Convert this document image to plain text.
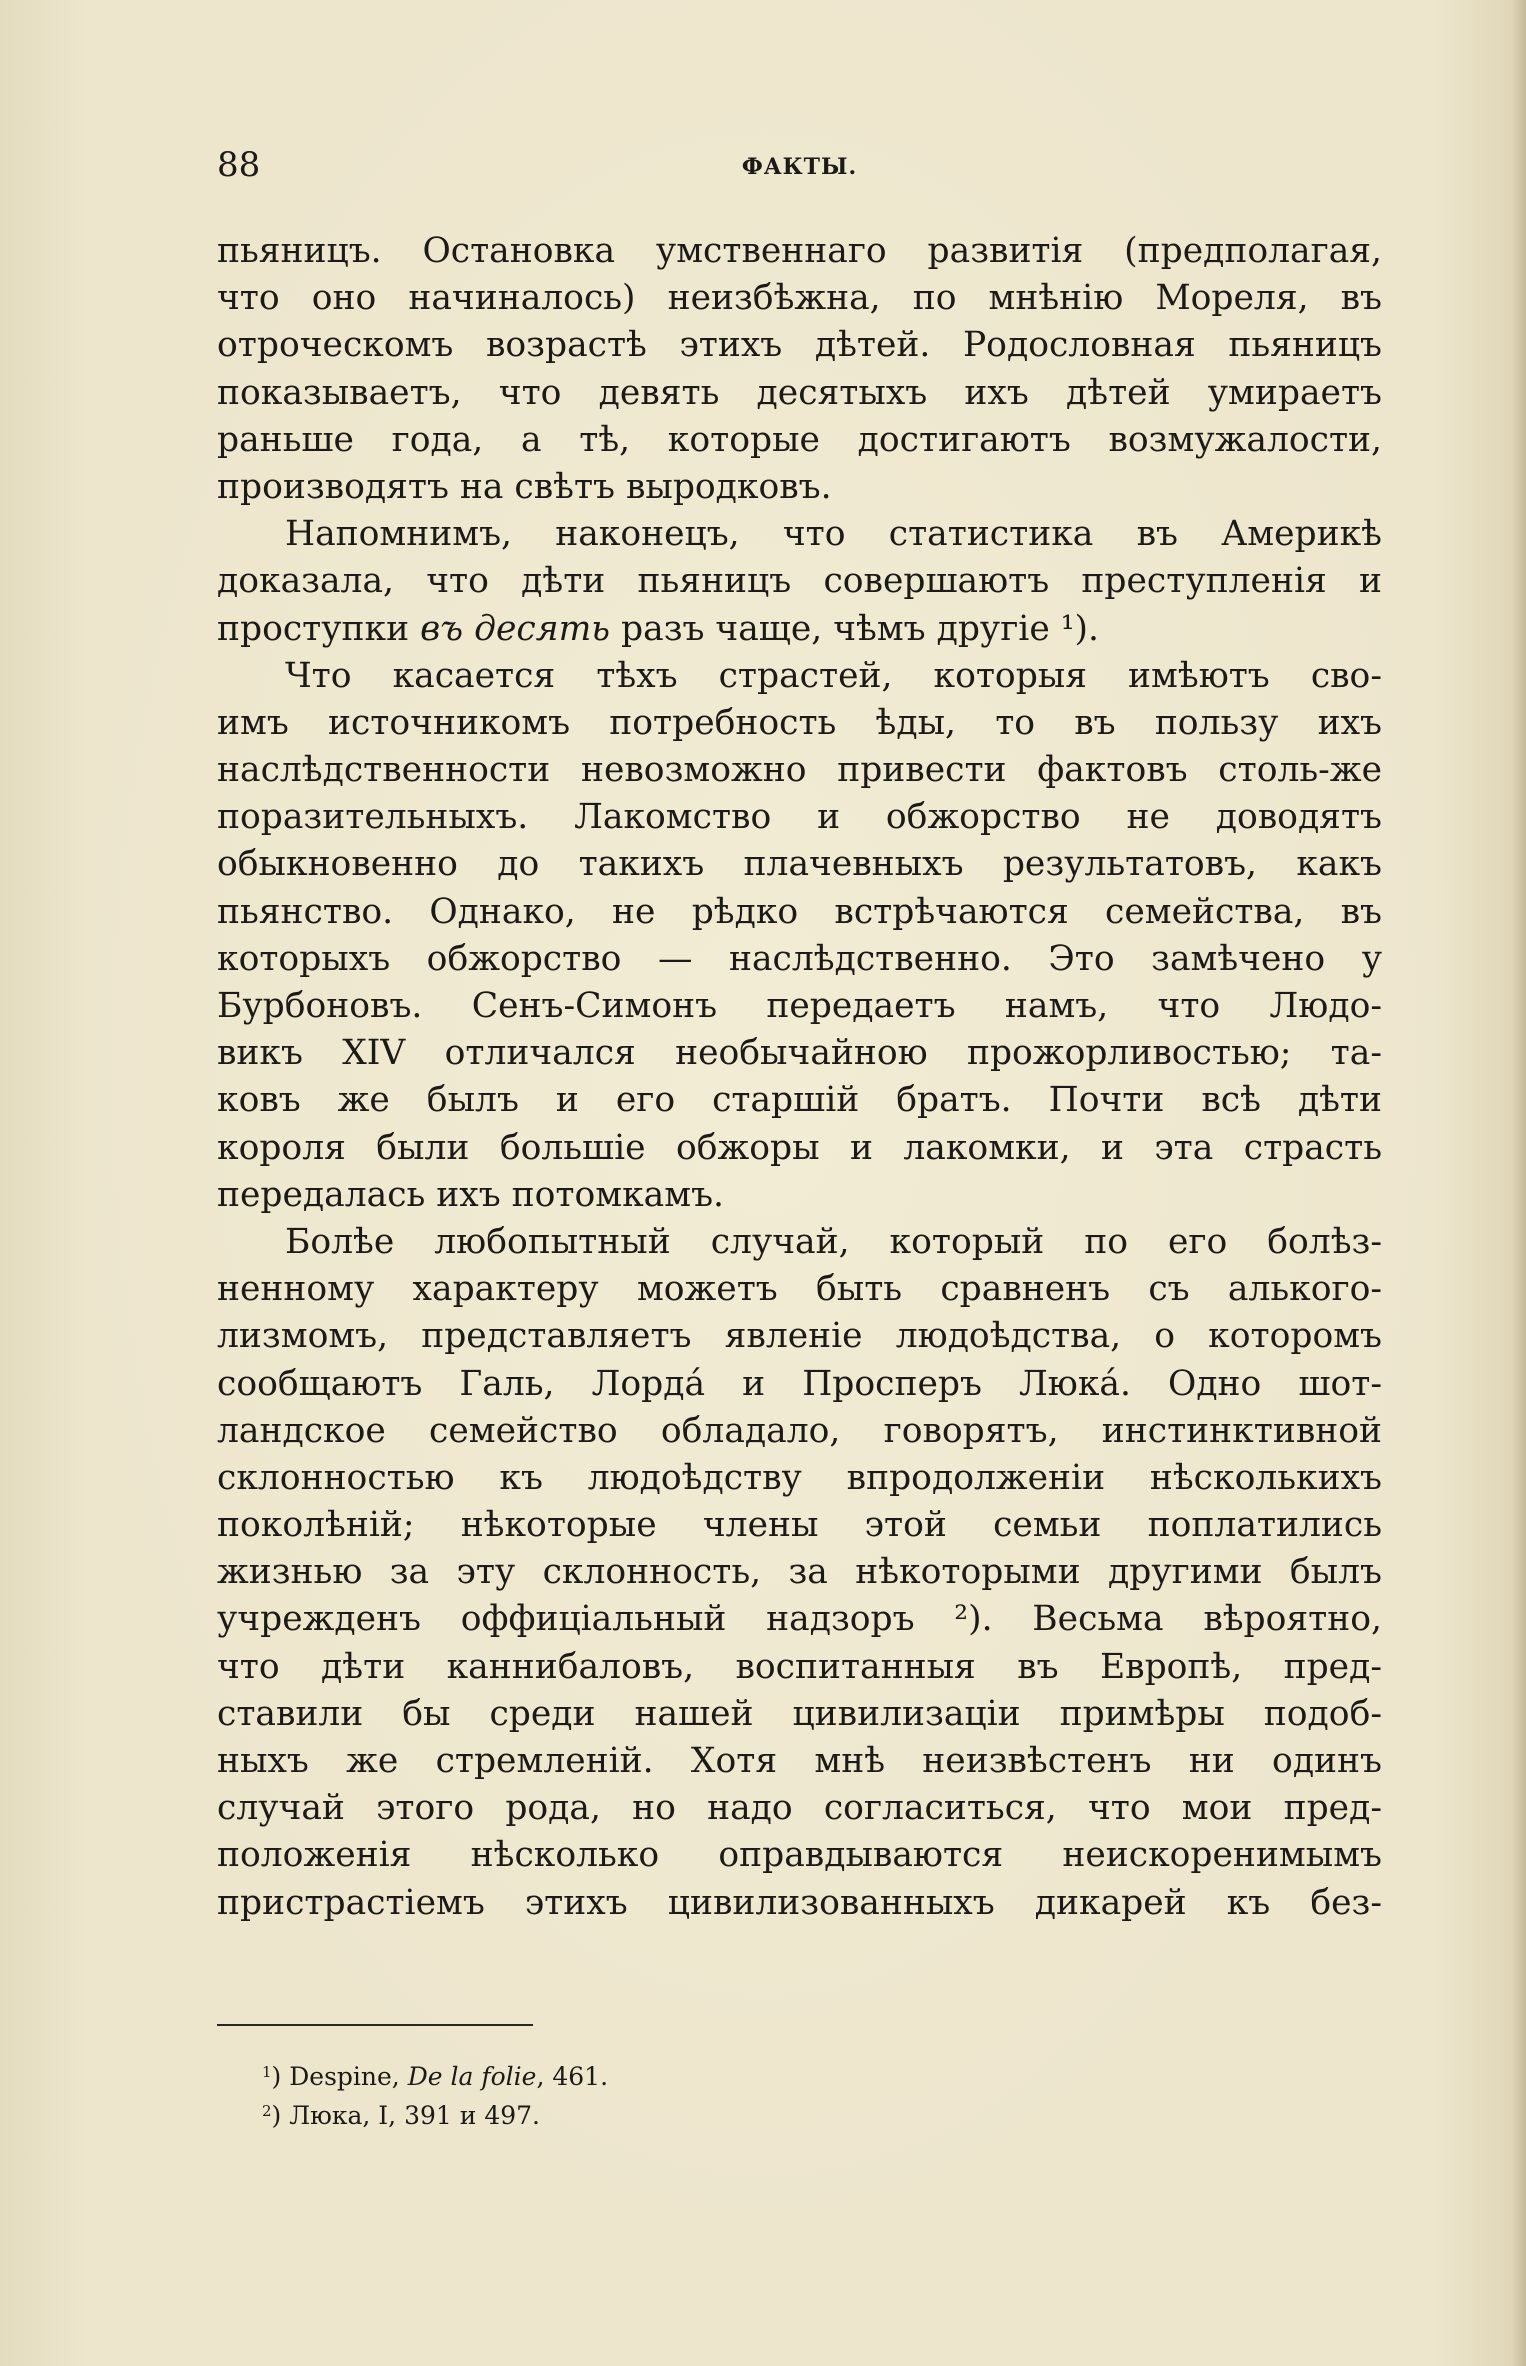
88	ФАКТЫ.
пьяницъ. Остановка умственнаго развитія (предполагая,
что оно начиналось) неизбѣжна, по мнѣнію Мореля, въ
отроческомъ возрастѣ этихъ дѣтей. Родословная пьяницъ
показываетъ, что девять десятыхъ ихъ дѣтей умираетъ
раньше года, а тѣ, которые достигаютъ возмужалости,
производятъ на свѣтъ выродковъ.
Напомнимъ, наконецъ, что статистика въ Америкѣ
доказала, что дѣти пьяницъ совершаютъ преступленія и
проступки въ десять разъ чаще, чѣмъ другіе ¹).
Что касается тѣхъ страстей, которыя имѣютъ сво-
имъ источникомъ потребность ѣды, то въ пользу ихъ
наслѣдственности невозможно привести фактовъ столь-же
поразительныхъ. Лакомство и обжорство не доводятъ
обыкновенно до такихъ плачевныхъ результатовъ, какъ
пьянство. Однако, не рѣдко встрѣчаются семейства, въ
которыхъ обжорство — наслѣдственно. Это замѣчено у
Бурбоновъ. Сенъ-Симонъ передаетъ намъ, что Людо-
викъ XIV отличался необычайною прожорливостью; та-
ковъ же былъ и его старшій братъ. Почти всѣ дѣти
короля были большіе обжоры и лакомки, и эта страсть
передалась ихъ потомкамъ.
Болѣе любопытный случай, который по его болѣз-
ненному характеру можетъ быть сравненъ съ алького-
лизмомъ, представляетъ явленіе людоѣдства, о которомъ
сообщаютъ Галь, Лорда́ и Просперъ Люка́. Одно шот-
ландское семейство обладало, говорятъ, инстинктивной
склонностью къ людоѣдству впродолженіи нѣсколькихъ
поколѣній; нѣкоторые члены этой семьи поплатились
жизнью за эту склонность, за нѣкоторыми другими былъ
учрежденъ оффиціальный надзоръ ²). Весьма вѣроятно,
что дѣти каннибаловъ, воспитанныя въ Европѣ, пред-
ставили бы среди нашей цивилизаціи примѣры подоб-
ныхъ же стремленій. Хотя мнѣ неизвѣстенъ ни одинъ
случай этого рода, но надо согласиться, что мои пред-
положенія нѣсколько оправдываются неискоренимымъ
пристрастіемъ этихъ цивилизованныхъ дикарей къ без-
$^1$) Despine, De la folie, 461.
$^2$) Люка, I, 391 и 497.
